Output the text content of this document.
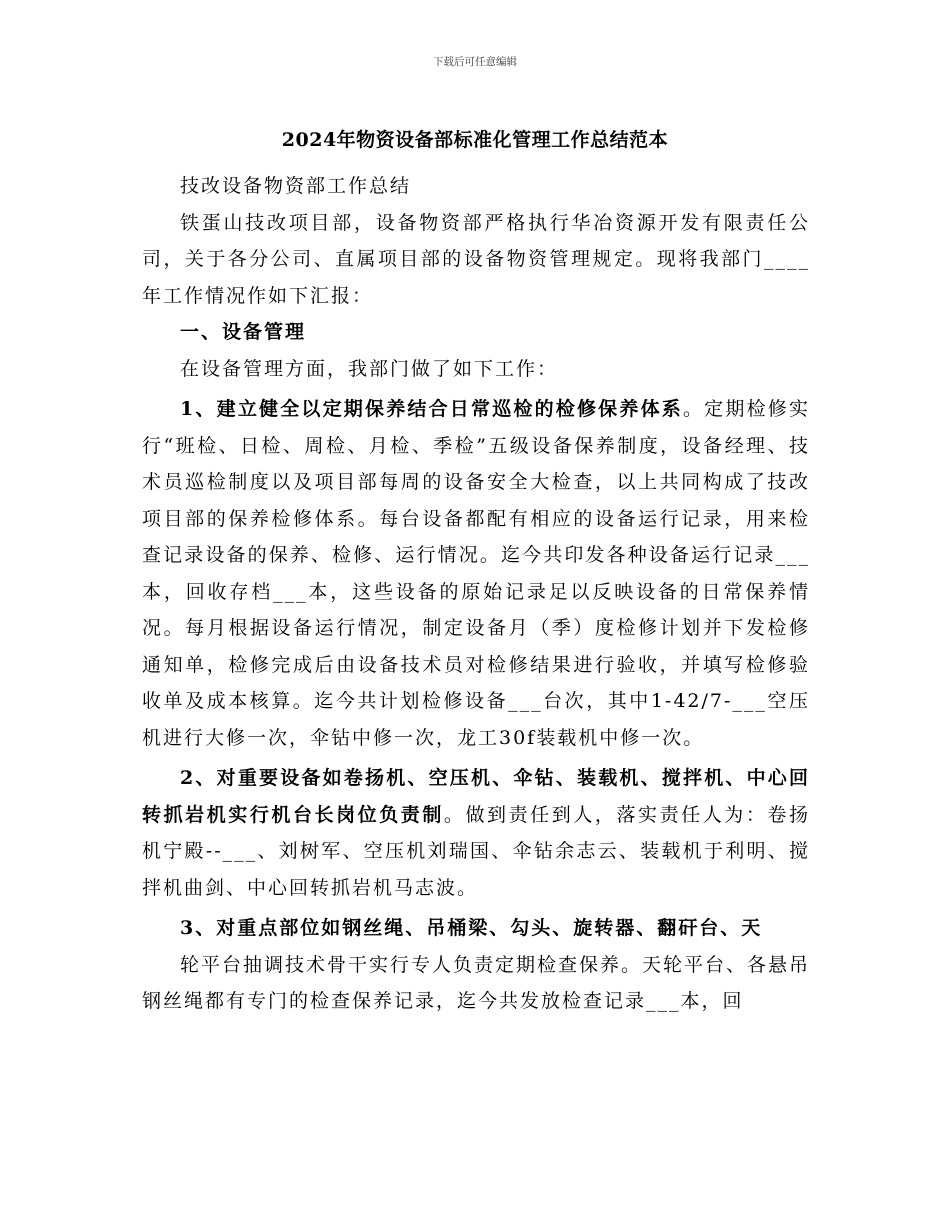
下载后可任意编辑
2024年物资设备部标准化管理工作总结范本

技改设备物资部工作总结

铁蛋山技改项目部，设备物资部严格执行华冶资源开发有限责任公司，关于各分公司、直属项目部的设备物资管理规定。现将我部门____年工作情况作如下汇报：

一、设备管理

在设备管理方面，我部门做了如下工作：

1、建立健全以定期保养结合日常巡检的检修保养体系。定期检修实行“班检、日检、周检、月检、季检”五级设备保养制度，设备经理、技术员巡检制度以及项目部每周的设备安全大检查，以上共同构成了技改项目部的保养检修体系。每台设备都配有相应的设备运行记录，用来检查记录设备的保养、检修、运行情况。迄今共印发各种设备运行记录___本，回收存档___本，这些设备的原始记录足以反映设备的日常保养情况。每月根据设备运行情况，制定设备月（季）度检修计划并下发检修通知单，检修完成后由设备技术员对检修结果进行验收，并填写检修验收单及成本核算。迄今共计划检修设备___台次，其中1-42/7-___空压机进行大修一次，伞钻中修一次，龙工30f装载机中修一次。

2、对重要设备如卷扬机、空压机、伞钻、装载机、搅拌机、中心回转抓岩机实行机台长岗位负责制。做到责任到人，落实责任人为：卷扬机宁殿--___、刘树军、空压机刘瑞国、伞钻余志云、装载机于利明、搅拌机曲剑、中心回转抓岩机马志波。

3、对重点部位如钢丝绳、吊桶梁、勾头、旋转器、翻矸台、天

轮平台抽调技术骨干实行专人负责定期检查保养。天轮平台、各悬吊钢丝绳都有专门的检查保养记录，迄今共发放检查记录___本，回
